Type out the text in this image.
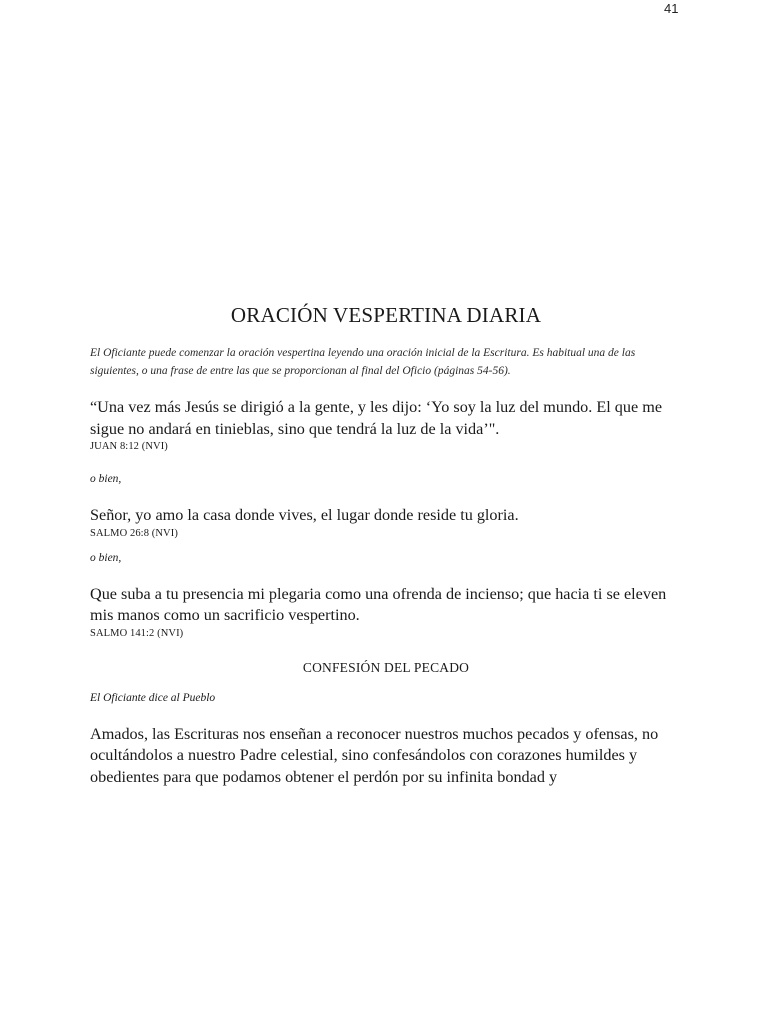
41
ORACIÓN VESPERTINA DIARIA

El Oficiante puede comenzar la oración vespertina leyendo una oración inicial de la Escritura. Es habitual una de las siguientes, o una frase de entre las que se proporcionan al final del Oficio (páginas 54-56).

“Una vez más Jesús se dirigió a la gente, y les dijo: ‘Yo soy la luz del mundo. El que me sigue no andará en tinieblas, sino que tendrá la luz de la vida’".

JUAN 8:12 (NVI)

o bien,

Señor, yo amo la casa donde vives, el lugar donde reside tu gloria.

SALMO 26:8 (NVI)

o bien,

Que suba a tu presencia mi plegaria como una ofrenda de incienso; que hacia ti se eleven mis manos como un sacrificio vespertino.

SALMO 141:2 (NVI)

CONFESIÓN DEL PECADO

El Oficiante dice al Pueblo

Amados, las Escrituras nos enseñan a reconocer nuestros muchos pecados y ofensas, no ocultándolos a nuestro Padre celestial, sino confesándolos con corazones humildes y obedientes para que podamos obtener el perdón por su infinita bondad y
